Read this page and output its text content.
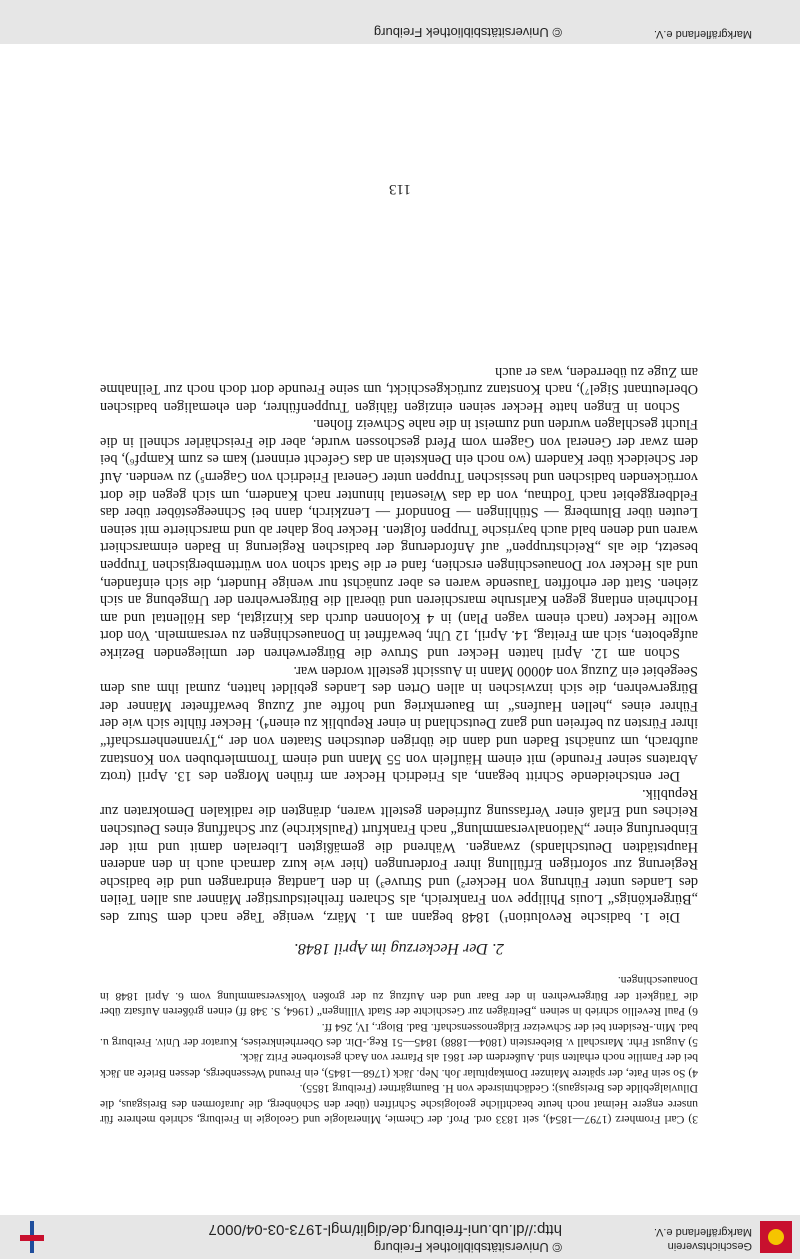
Geschichtsverein
Markgräflerland e.V.
© Universitätsbibliothek Freiburg
http://dl.ub.uni-freiburg.de/diglit/mgl-1973-03-04/0007
Markgräflerland e.V.
© Universitätsbibliothek Freiburg

3) Carl Fromherz (1797—1854), seit 1833 ord. Prof. der Chemie, Mineralogie und Geologie in Freiburg, schrieb mehrere für unsere engere Heimat noch heute beachtliche geologische Schriften (über den Schönberg, die Juraformen des Breisgaus, die Diluvialgebilde des Breisgaus); Gedächtnisrede von H. Baumgärtner (Freiburg 1855).

4) So sein Pate, der spätere Mainzer Domkapitular Joh. Nep. Jäck (1768—1845), ein Freund Wessenbergs, dessen Briefe an Jäck bei der Familie noch erhalten sind. Außerdem der 1861 als Pfarrer von Aach gestorbene Fritz Jäck.

5) August Frhr. Marschall v. Bieberstein (1804—1888) 1845—51 Reg.-Dir. des Oberrheinkreises, Kurator der Univ. Freiburg u. bad. Min.-Resident bei der Schweizer Eidgenossenschaft. Bad. Biogr., IV, 264 ff.

6) Paul Revellio schrieb in seinen „Beiträgen zur Geschichte der Stadt Villingen“ (1964, S. 348 ff) einen größeren Aufsatz über die Tätigkeit der Bürgerwehren in der Baar und den Aufzug zu der großen Volksversammlung vom 6. April 1848 in Donaueschingen.

2. Der Heckerzug im April 1848.

Die 1. badische Revolution¹) 1848 begann am 1. März, wenige Tage nach dem Sturz des „Bürgerkönigs“ Louis Philippe von Frankreich, als Scharen freiheitsdurstiger Männer aus allen Teilen des Landes unter Führung von Hecker²) und Struve³) in den Landtag eindrangen und die badische Regierung zur sofortigen Erfüllung ihrer Forderungen (hier wie kurz darnach auch in den anderen Hauptstädten Deutschlands) zwangen. Während die gemäßigten Liberalen damit und mit der Einberufung einer „Nationalversammlung“ nach Frankfurt (Paulskirche) zur Schaffung eines Deutschen Reiches und Erlaß einer Verfassung zufrieden gestellt waren, drängten die radikalen Demokraten zur Republik.

Der entscheidende Schritt begann, als Friedrich Hecker am frühen Morgen des 13. April (trotz Abratens seiner Freunde) mit einem Häuflein von 55 Mann und einem Trommlerbuben von Konstanz aufbrach, um zunächst Baden und dann die übrigen deutschen Staaten von der „Tyrannenherrschaft“ ihrer Fürsten zu befreien und ganz Deutschland in einer Republik zu einen⁴). Hecker fühlte sich wie der Führer eines „hellen Haufens“ im Bauernkrieg und hoffte auf Zuzug bewaffneter Männer der Bürgerwehren, die sich inzwischen in allen Orten des Landes gebildet hatten, zumal ihm aus dem Seegebiet ein Zuzug von 40000 Mann in Aussicht gestellt worden war.

Schon am 12. April hatten Hecker und Struve die Bürgerwehren der umliegenden Bezirke aufgeboten, sich am Freitag, 14. April, 12 Uhr, bewaffnet in Donaueschingen zu versammeln. Von dort wollte Hecker (nach einem vagen Plan) in 4 Kolonnen durch das Kinzigtal, das Höllental und am Hochrhein entlang gegen Karlsruhe marschieren und überall die Bürgerwehren der Umgebung an sich ziehen. Statt der erhofften Tausende waren es aber zunächst nur wenige Hundert, die sich einfanden, und als Hecker vor Donaueschingen erschien, fand er die Stadt schon von württembergischen Truppen besetzt, die als „Reichstruppen“ auf Anforderung der badischen Regierung in Baden einmarschiert waren und denen bald auch bayrische Truppen folgten. Hecker bog daher ab und marschierte mit seinen Leuten über Blumberg — Stühlingen — Bonndorf — Lenzkirch, dann bei Schneegestöber über das Feldberggebiet nach Todtnau, von da das Wiesental hinunter nach Kandern, um sich gegen die dort vorrückenden badischen und hessischen Truppen unter General Friedrich von Gagern⁵) zu wenden. Auf der Scheideck über Kandern (wo noch ein Denkstein an das Gefecht erinnert) kam es zum Kampf⁶), bei dem zwar der General von Gagern vom Pferd geschossen wurde, aber die Freischärler schnell in die Flucht geschlagen wurden und zumeist in die nahe Schweiz flohen.

Schon in Engen hatte Hecker seinen einzigen fähigen Truppenführer, den ehemaligen badischen Oberleutnant Sigel⁷), nach Konstanz zurückgeschickt, um seine Freunde dort doch noch zur Teilnahme am Zuge zu überreden, was er auch

113
